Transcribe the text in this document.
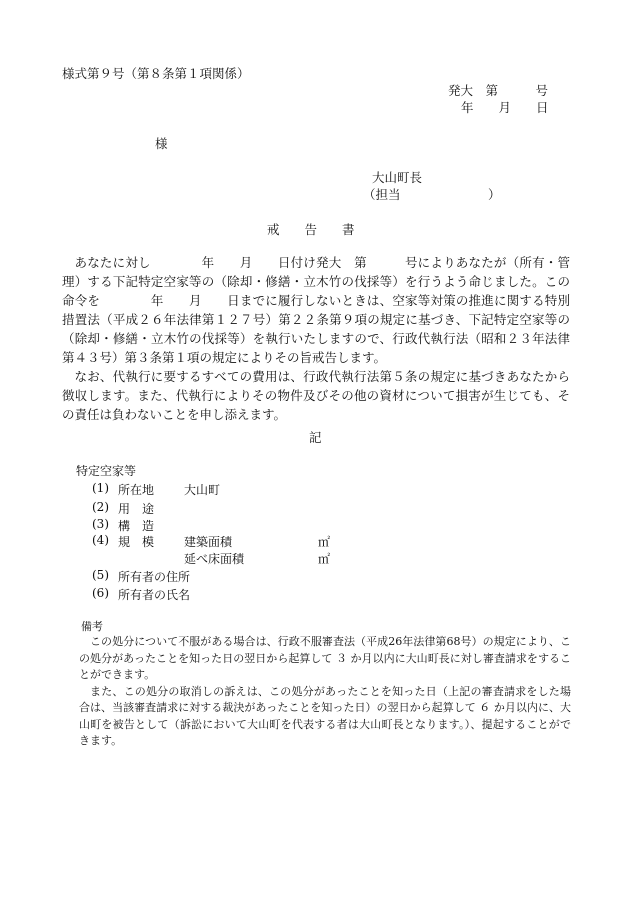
様式第９号（第８条第１項関係）
発大　第　　　号
年　　月　　日
様
大山町長
（担当　　　　　　　）
戒　　告　　書

あなたに対し　　　　年　　月　　日付け発大　第　　　号によりあなたが（所有・管理）する下記特定空家等の（除却・修繕・立木竹の伐採等）を行うよう命じました。この命令を　　　　年　　月　　日までに履行しないときは、空家等対策の推進に関する特別措置法（平成２６年法律第１２７号）第２２条第９項の規定に基づき、下記特定空家等の（除却・修繕・立木竹の伐採等）を執行いたしますので、行政代執行法（昭和２３年法律第４３号）第３条第１項の規定によりその旨戒告します。

なお、代執行に要するすべての費用は、行政代執行法第５条の規定に基づきあなたから徴収します。また、代執行によりその物件及びその他の資材について損害が生じても、その責任は負わないことを申し添えます。

記
特定空家等
(1) 所在地 大山町
(2) 用　途
(3) 構　造
(4) 規　模 建築面積	㎡
延べ床面積	㎡
(5) 所有者の住所
(6) 所有者の氏名
備考

この処分について不服がある場合は、行政不服審査法（平成26年法律第68号）の規定により、この処分があったことを知った日の翌日から起算して ３ か月以内に大山町長に対し審査請求をすることができます。

また、この処分の取消しの訴えは、この処分があったことを知った日（上記の審査請求をした場合は、当該審査請求に対する裁決があったことを知った日）の翌日から起算して ６ か月以内に、大山町を被告として（訴訟において大山町を代表する者は大山町長となります。）、提起することができます。
